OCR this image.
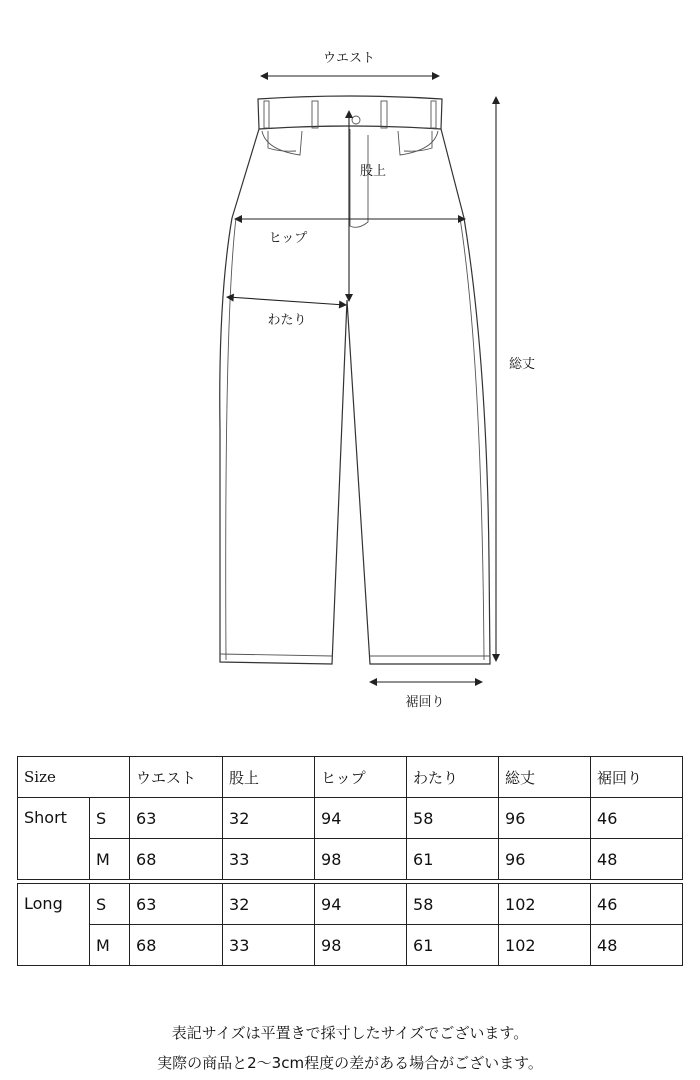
ウエスト
股上
ヒップ
わたり
総丈
裾回り
Size		ウエスト	股上	ヒップ	わたり	総丈	裾回り
Short	S	63	32	94	58	96	46
	M	68	33	98	61	96	48

Long	S	63	32	94	58	102	46
	M	68	33	98	61	102	48
表記サイズは平置きで採寸したサイズでございます。
実際の商品と2〜3cm程度の差がある場合がございます。
